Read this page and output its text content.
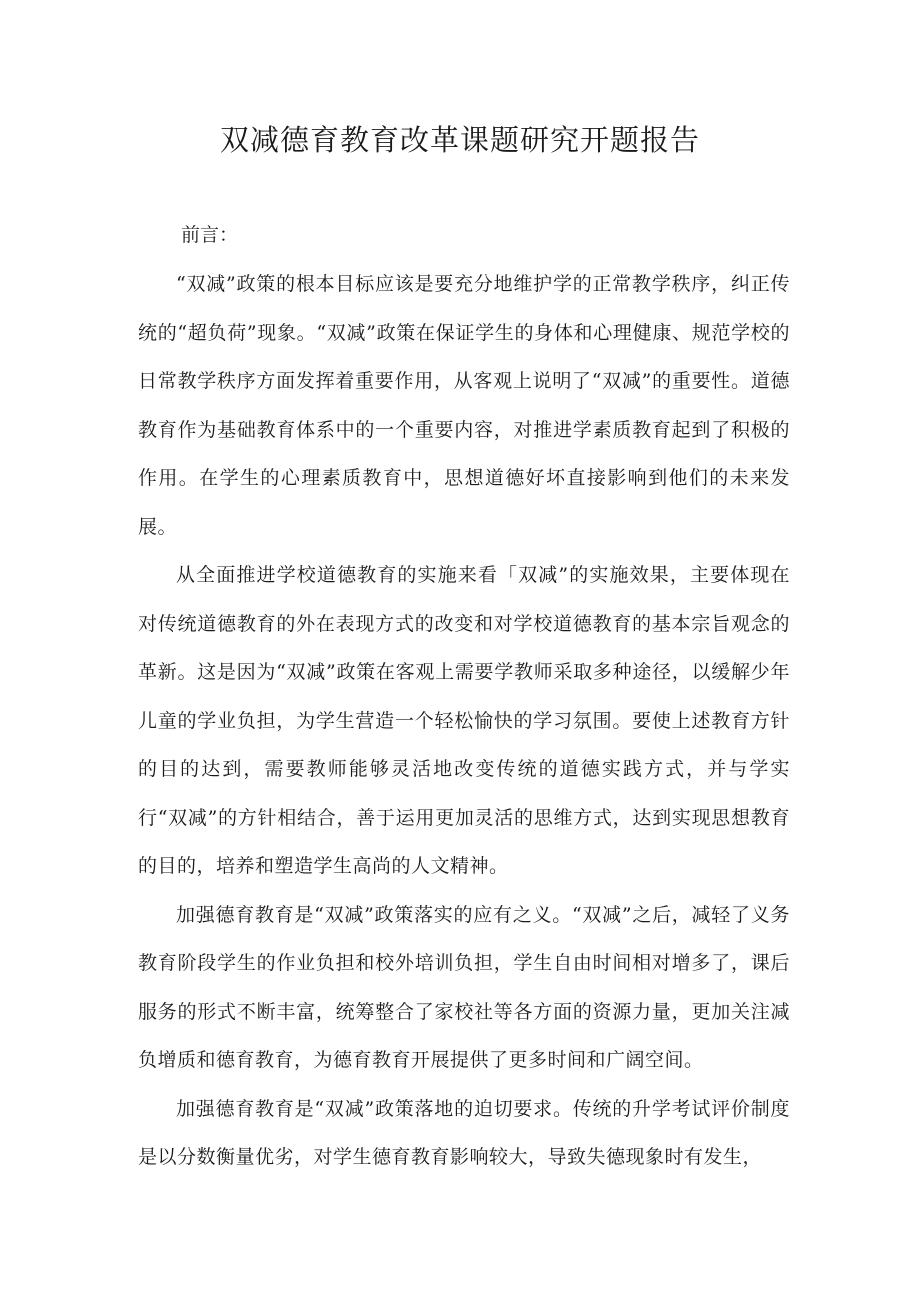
双减德育教育改革课题研究开题报告

前言：

“双减”政策的根本目标应该是要充分地维护学的正常教学秩序，纠正传统的“超负荷”现象。“双减”政策在保证学生的身体和心理健康、规范学校的日常教学秩序方面发挥着重要作用，从客观上说明了“双减”的重要性。道德教育作为基础教育体系中的一个重要内容，对推进学素质教育起到了积极的作用。在学生的心理素质教育中，思想道德好坏直接影响到他们的未来发展。

从全面推进学校道德教育的实施来看「双减”的实施效果，主要体现在对传统道德教育的外在表现方式的改变和对学校道德教育的基本宗旨观念的革新。这是因为“双减”政策在客观上需要学教师采取多种途径，以缓解少年儿童的学业负担，为学生营造一个轻松愉快的学习氛围。要使上述教育方针的目的达到，需要教师能够灵活地改变传统的道德实践方式，并与学实行“双减”的方针相结合，善于运用更加灵活的思维方式，达到实现思想教育的目的，培养和塑造学生高尚的人文精神。

加强德育教育是“双减”政策落实的应有之义。“双减”之后，减轻了义务教育阶段学生的作业负担和校外培训负担，学生自由时间相对增多了，课后服务的形式不断丰富，统筹整合了家校社等各方面的资源力量，更加关注减负增质和德育教育，为德育教育开展提供了更多时间和广阔空间。

加强德育教育是“双减”政策落地的迫切要求。传统的升学考试评价制度是以分数衡量优劣，对学生德育教育影响较大，导致失德现象时有发生，
